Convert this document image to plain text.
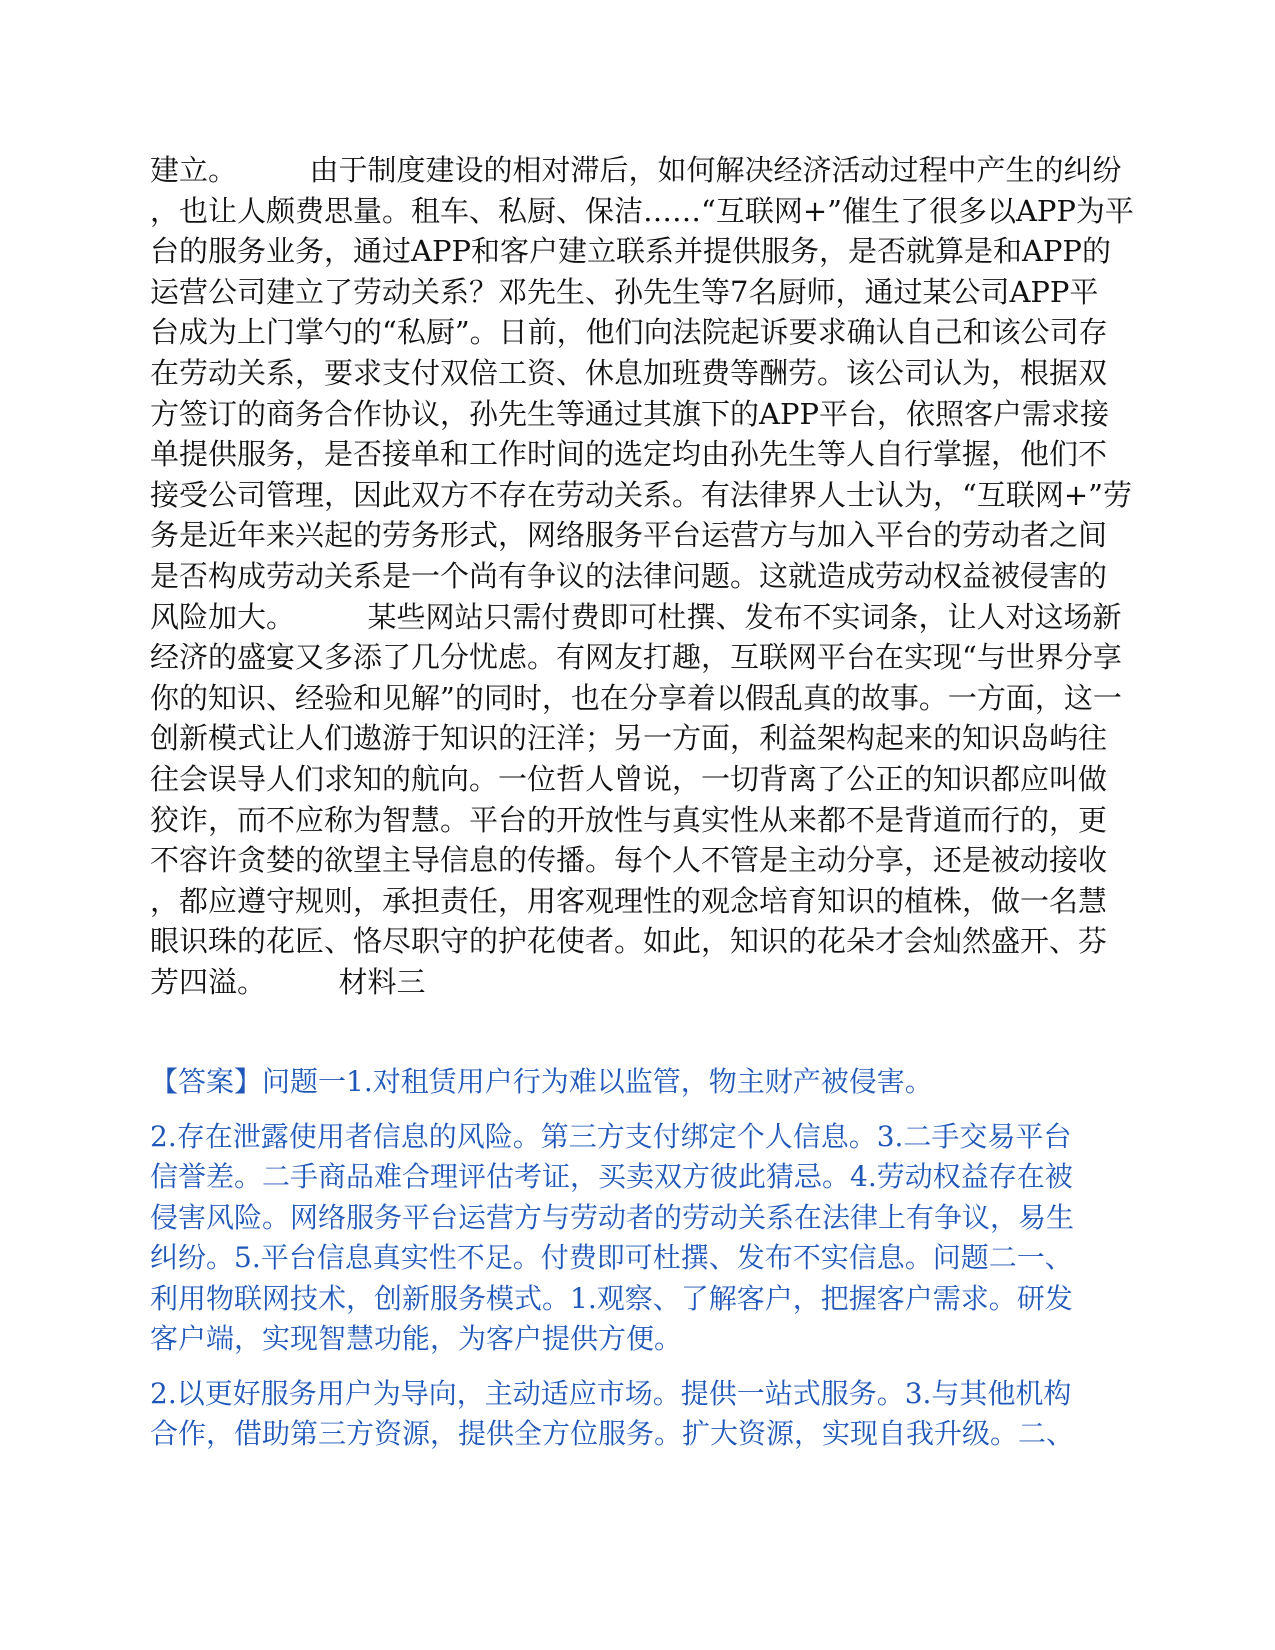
建立。　　　由于制度建设的相对滞后，如何解决经济活动过程中产生的纠纷
，也让人颇费思量。租车、私厨、保洁……“互联网+”催生了很多以APP为平
台的服务业务，通过APP和客户建立联系并提供服务，是否就算是和APP的
运营公司建立了劳动关系？邓先生、孙先生等7名厨师，通过某公司APP平
台成为上门掌勺的“私厨”。日前，他们向法院起诉要求确认自己和该公司存
在劳动关系，要求支付双倍工资、休息加班费等酬劳。该公司认为，根据双
方签订的商务合作协议，孙先生等通过其旗下的APP平台，依照客户需求接
单提供服务，是否接单和工作时间的选定均由孙先生等人自行掌握，他们不
接受公司管理，因此双方不存在劳动关系。有法律界人士认为，“互联网+”劳
务是近年来兴起的劳务形式，网络服务平台运营方与加入平台的劳动者之间
是否构成劳动关系是一个尚有争议的法律问题。这就造成劳动权益被侵害的
风险加大。　　　某些网站只需付费即可杜撰、发布不实词条，让人对这场新
经济的盛宴又多添了几分忧虑。有网友打趣，互联网平台在实现“与世界分享
你的知识、经验和见解”的同时，也在分享着以假乱真的故事。一方面，这一
创新模式让人们遨游于知识的汪洋；另一方面，利益架构起来的知识岛屿往
往会误导人们求知的航向。一位哲人曾说，一切背离了公正的知识都应叫做
狡诈，而不应称为智慧。平台的开放性与真实性从来都不是背道而行的，更
不容许贪婪的欲望主导信息的传播。每个人不管是主动分享，还是被动接收
，都应遵守规则，承担责任，用客观理性的观念培育知识的植株，做一名慧
眼识珠的花匠、恪尽职守的护花使者。如此，知识的花朵才会灿然盛开、芬
芳四溢。　　　材料三
【答案】问题一1.对租赁用户行为难以监管，物主财产被侵害。
2.存在泄露使用者信息的风险。第三方支付绑定个人信息。3.二手交易平台
信誉差。二手商品难合理评估考证，买卖双方彼此猜忌。4.劳动权益存在被
侵害风险。网络服务平台运营方与劳动者的劳动关系在法律上有争议，易生
纠纷。5.平台信息真实性不足。付费即可杜撰、发布不实信息。问题二一、
利用物联网技术，创新服务模式。1.观察、了解客户，把握客户需求。研发
客户端，实现智慧功能，为客户提供方便。
2.以更好服务用户为导向，主动适应市场。提供一站式服务。3.与其他机构
合作，借助第三方资源，提供全方位服务。扩大资源，实现自我升级。二、
